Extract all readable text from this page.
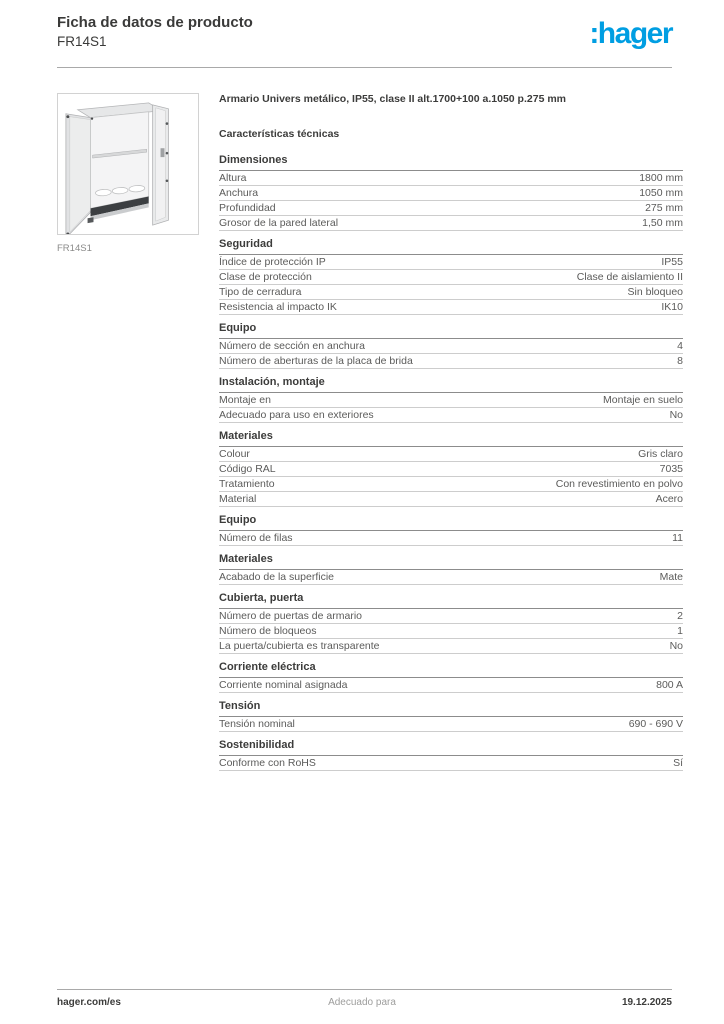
Ficha de datos de producto
FR14S1	:hager
FR14S1
Armario Univers metálico, IP55, clase II alt.1700+100 a.1050 p.275 mm
Características técnicas
Dimensiones
Altura	1800 mm
Anchura	1050 mm
Profundidad	275 mm
Grosor de la pared lateral	1,50 mm
Seguridad
Índice de protección IP	IP55
Clase de protección	Clase de aislamiento II
Tipo de cerradura	Sin bloqueo
Resistencia al impacto IK	IK10
Equipo
Número de sección en anchura	4
Número de aberturas de la placa de brida	8
Instalación, montaje
Montaje en	Montaje en suelo
Adecuado para uso en exteriores	No
Materiales
Colour	Gris claro
Código RAL	7035
Tratamiento	Con revestimiento en polvo
Material	Acero
Equipo
Número de filas	11
Materiales
Acabado de la superficie	Mate
Cubierta, puerta
Número de puertas de armario	2
Número de bloqueos	1
La puerta/cubierta es transparente	No
Corriente eléctrica
Corriente nominal asignada	800 A
Tensión
Tensión nominal	690 - 690 V
Sostenibilidad
Conforme con RoHS	Sí
hager.com/es	Adecuado para	19.12.2025
